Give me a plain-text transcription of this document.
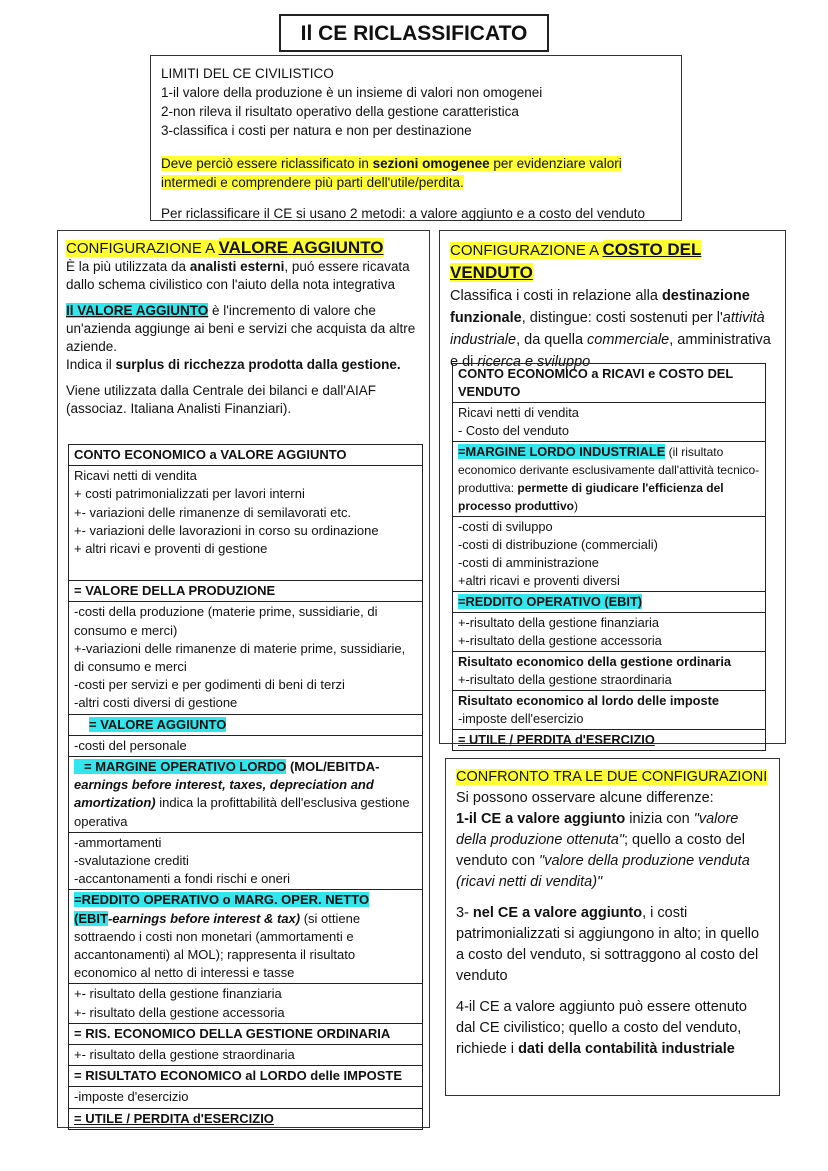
Il CE RICLASSIFICATO

LIMITI DEL CE CIVILISTICO

1-il valore della produzione è un insieme di valori non omogenei

2-non rileva il risultato operativo della gestione caratteristica

3-classifica i costi per natura e non per destinazione

Deve perciò essere riclassificato in sezioni omogenee per evidenziare valori intermedi e comprendere più parti dell'utile/perdita.

Per riclassificare il CE si usano 2 metodi: a valore aggiunto e a costo del venduto

CONFIGURAZIONE A VALORE AGGIUNTO

È la più utilizzata da analisti esterni, puó essere ricavata dallo schema civilistico con l'aiuto della nota integrativa

Il VALORE AGGIUNTO è l'incremento di valore che un'azienda aggiunge ai beni e servizi che acquista da altre aziende.

Indica il surplus di ricchezza prodotta dalla gestione.

Viene utilizzata dalla Centrale dei bilanci e dall'AIAF (associaz. Italiana Analisti Finanziari).

CONTO ECONOMICO a VALORE AGGIUNTO

Ricavi netti di vendita
+ costi patrimonializzati per lavori interni
+- variazioni delle rimanenze di semilavorati etc.
+- variazioni delle lavorazioni in corso su ordinazione
+ altri ricavi e proventi di gestione

= VALORE DELLA PRODUZIONE

-costi della produzione (materie prime, sussidiarie, di consumo e merci)
+-variazioni delle rimanenze di materie prime, sussidiarie, di consumo e merci
-costi per servizi e per godimenti di beni di terzi
-altri costi diversi di gestione

= VALORE AGGIUNTO
-costi del personale
= MARGINE OPERATIVO LORDO (MOL/EBITDA-earnings before interest, taxes, depreciation and amortization) indica la profittabilità dell'esclusiva gestione operativa

-ammortamenti
-svalutazione crediti
-accantonamenti a fondi rischi e oneri

=REDDITO OPERATIVO o MARG. OPER. NETTO
(EBIT-earnings before interest & tax) (si ottiene sottraendo i costi non monetari (ammortamenti e accantonamenti) al MOL); rappresenta il risultato economico al netto di interessi e tasse

+- risultato della gestione finanziaria
+- risultato della gestione accessoria

= RIS. ECONOMICO DELLA GESTIONE ORDINARIA
+- risultato della gestione straordinaria
= RISULTATO ECONOMICO al LORDO delle IMPOSTE
-imposte d'esercizio
= UTILE / PERDITA d'ESERCIZIO

CONFIGURAZIONE A COSTO DEL VENDUTO

Classifica i costi in relazione alla destinazione funzionale, distingue: costi sostenuti per l'attività industriale, da quella commerciale, amministrativa e di ricerca e sviluppo

CONTO ECONOMICO a RICAVI e COSTO DEL VENDUTO

Ricavi netti di vendita
- Costo del venduto

=MARGINE LORDO INDUSTRIALE (il risultato economico derivante esclusivamente dall'attività tecnico-produttiva: permette di giudicare l'efficienza del processo produttivo)

-costi di sviluppo
-costi di distribuzione (commerciali)
-costi di amministrazione
+altri ricavi e proventi diversi

=REDDITO OPERATIVO (EBIT)

+-risultato della gestione finanziaria
+-risultato della gestione accessoria

Risultato economico della gestione ordinaria
+-risultato della gestione straordinaria

Risultato economico al lordo delle imposte
-imposte dell'esercizio

= UTILE / PERDITA d'ESERCIZIO

CONFRONTO TRA LE DUE CONFIGURAZIONI

Si possono osservare alcune differenze:

1-il CE a valore aggiunto inizia con "valore della produzione ottenuta"; quello a costo del venduto con "valore della produzione venduta (ricavi netti di vendita)"

3- nel CE a valore aggiunto, i costi patrimonializzati si aggiungono in alto; in quello a costo del venduto, si sottraggono al costo del venduto

4-il CE a valore aggiunto può essere ottenuto dal CE civilistico; quello a costo del venduto, richiede i dati della contabilità industriale
